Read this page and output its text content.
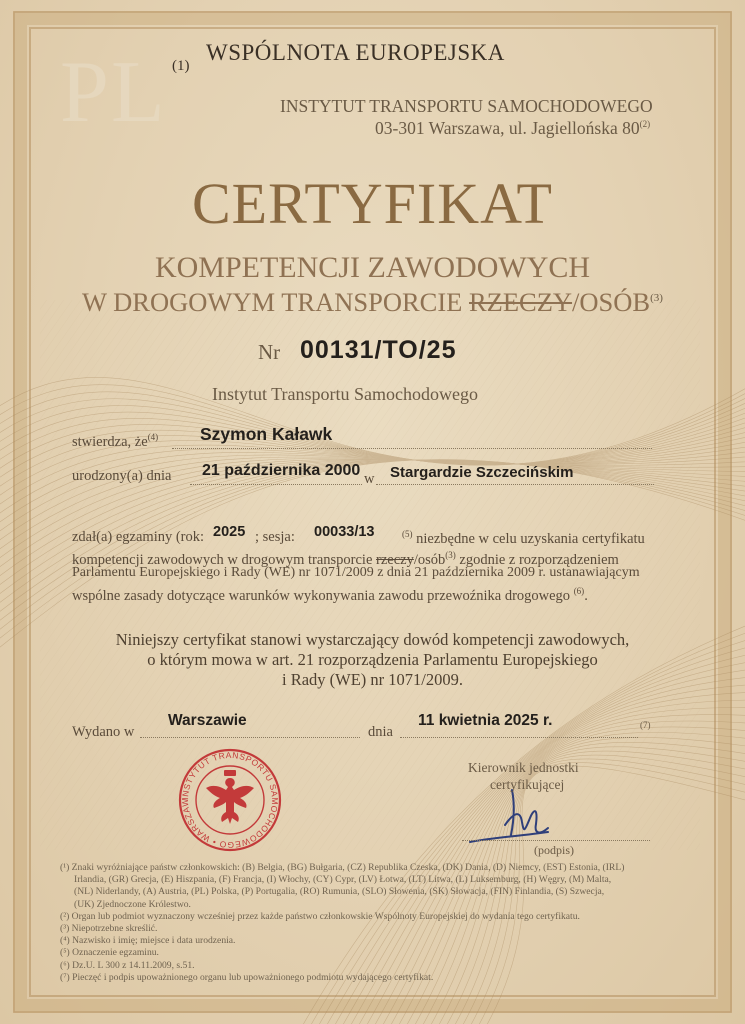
INSTYTUT TRANSPORTU SAMOCHODOWEGO • WARSZAW
PL (1)
WSPÓLNOTA EUROPEJSKA
INSTYTUT TRANSPORTU SAMOCHODOWEGO
03-301 Warszawa, ul. Jagiellońska 80$^{(2)}$
CERTYFIKAT
KOMPETENCJI ZAWODOWYCH
W DROGOWYM TRANSPORCIE RZECZY/OSÓB$^{(3)}$
Nr 00131/TO/25
Instytut Transportu Samochodowego
stwierdza, $że^{(4)}$ Szymon Kaławk
urodzony(a) dnia 21 października 2000 w Stargardzie Szczecińskim
zdał(a) egzaminy (rok: 2025 ; sesja: 00033/13	$^{(5)}$ niezbędne w celu uzyskania certyfikatu
kompetencji zawodowych w drogowym transporcie rzeczy/osób$^{(3)}$ zgodnie z rozporządzeniem
Parlamentu Europejskiego i Rady (WE) nr 1071/2009 z dnia 21 października 2009 r. ustanawiającym
wspólne zasady dotyczące warunków wykonywania zawodu przewoźnika drogowego $^{(6)}$.
Niniejszy certyfikat stanowi wystarczający dowód kompetencji zawodowych,
o którym mowa w art. 21 rozporządzenia Parlamentu Europejskiego
i Rady (WE) nr 1071/2009.
Wydano w
Warszawie
dnia
11 kwietnia 2025 r.	(7)
Kierownik jednostki
certyfikującej
(podpis)
(¹) Znaki wyróżniające państw członkowskich: (B) Belgia, (BG) Bułgaria, (CZ) Republika Czeska, (DK) Dania, (D) Niemcy, (EST) Estonia, (IRL)
Irlandia, (GR) Grecja, (E) Hiszpania, (F) Francja, (I) Włochy, (CY) Cypr, (LV) Łotwa, (LT) Litwa, (L) Luksemburg, (H) Węgry, (M) Malta,
(NL) Niderlandy, (A) Austria, (PL) Polska, (P) Portugalia, (RO) Rumunia, (SLO) Słowenia, (SK) Słowacja, (FIN) Finlandia, (S) Szwecja,
(UK) Zjednoczone Królestwo.
(²) Organ lub podmiot wyznaczony wcześniej przez każde państwo członkowskie Wspólnoty Europejskiej do wydania tego certyfikatu.
(³) Niepotrzebne skreślić.
(⁴) Nazwisko i imię; miejsce i data urodzenia.
(⁵) Oznaczenie egzaminu.
(⁶) Dz.U. L 300 z 14.11.2009, s.51.
(⁷) Pieczęć i podpis upoważnionego organu lub upoważnionego podmiotu wydającego certyfikat.
